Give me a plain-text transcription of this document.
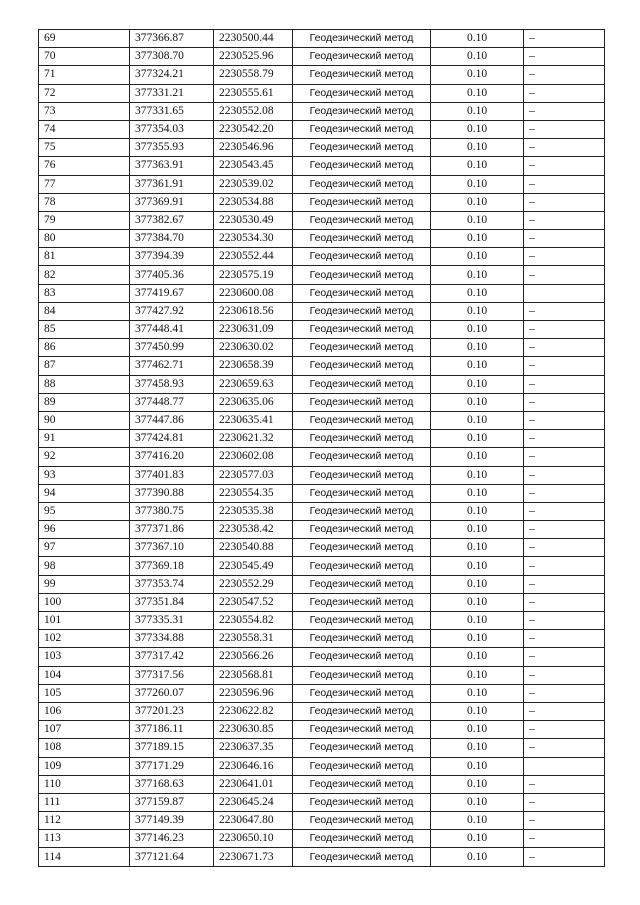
69	377366.87	2230500.44	Геодезический метод	0.10	–
70	377308.70	2230525.96	Геодезический метод	0.10	–
71	377324.21	2230558.79	Геодезический метод	0.10	–
72	377331.21	2230555.61	Геодезический метод	0.10	–
73	377331.65	2230552.08	Геодезический метод	0.10	–
74	377354.03	2230542.20	Геодезический метод	0.10	–
75	377355.93	2230546.96	Геодезический метод	0.10	–
76	377363.91	2230543.45	Геодезический метод	0.10	–
77	377361.91	2230539.02	Геодезический метод	0.10	–
78	377369.91	2230534.88	Геодезический метод	0.10	–
79	377382.67	2230530.49	Геодезический метод	0.10	–
80	377384.70	2230534.30	Геодезический метод	0.10	–
81	377394.39	2230552.44	Геодезический метод	0.10	–
82	377405.36	2230575.19	Геодезический метод	0.10	–
83	377419.67	2230600.08	Геодезический метод	0.10	
84	377427.92	2230618.56	Геодезический метод	0.10	–
85	377448.41	2230631.09	Геодезический метод	0.10	–
86	377450.99	2230630.02	Геодезический метод	0.10	–
87	377462.71	2230658.39	Геодезический метод	0.10	–
88	377458.93	2230659.63	Геодезический метод	0.10	–
89	377448.77	2230635.06	Геодезический метод	0.10	–
90	377447.86	2230635.41	Геодезический метод	0.10	–
91	377424.81	2230621.32	Геодезический метод	0.10	–
92	377416.20	2230602.08	Геодезический метод	0.10	–
93	377401.83	2230577.03	Геодезический метод	0.10	–
94	377390.88	2230554.35	Геодезический метод	0.10	–
95	377380.75	2230535.38	Геодезический метод	0.10	–
96	377371.86	2230538.42	Геодезический метод	0.10	–
97	377367.10	2230540.88	Геодезический метод	0.10	–
98	377369.18	2230545.49	Геодезический метод	0.10	–
99	377353.74	2230552.29	Геодезический метод	0.10	–
100	377351.84	2230547.52	Геодезический метод	0.10	–
101	377335.31	2230554.82	Геодезический метод	0.10	–
102	377334.88	2230558.31	Геодезический метод	0.10	–
103	377317.42	2230566.26	Геодезический метод	0.10	–
104	377317.56	2230568.81	Геодезический метод	0.10	–
105	377260.07	2230596.96	Геодезический метод	0.10	–
106	377201.23	2230622.82	Геодезический метод	0.10	–
107	377186.11	2230630.85	Геодезический метод	0.10	–
108	377189.15	2230637.35	Геодезический метод	0.10	–
109	377171.29	2230646.16	Геодезический метод	0.10	
110	377168.63	2230641.01	Геодезический метод	0.10	–
111	377159.87	2230645.24	Геодезический метод	0.10	–
112	377149.39	2230647.80	Геодезический метод	0.10	–
113	377146.23	2230650.10	Геодезический метод	0.10	–
114	377121.64	2230671.73	Геодезический метод	0.10	–
